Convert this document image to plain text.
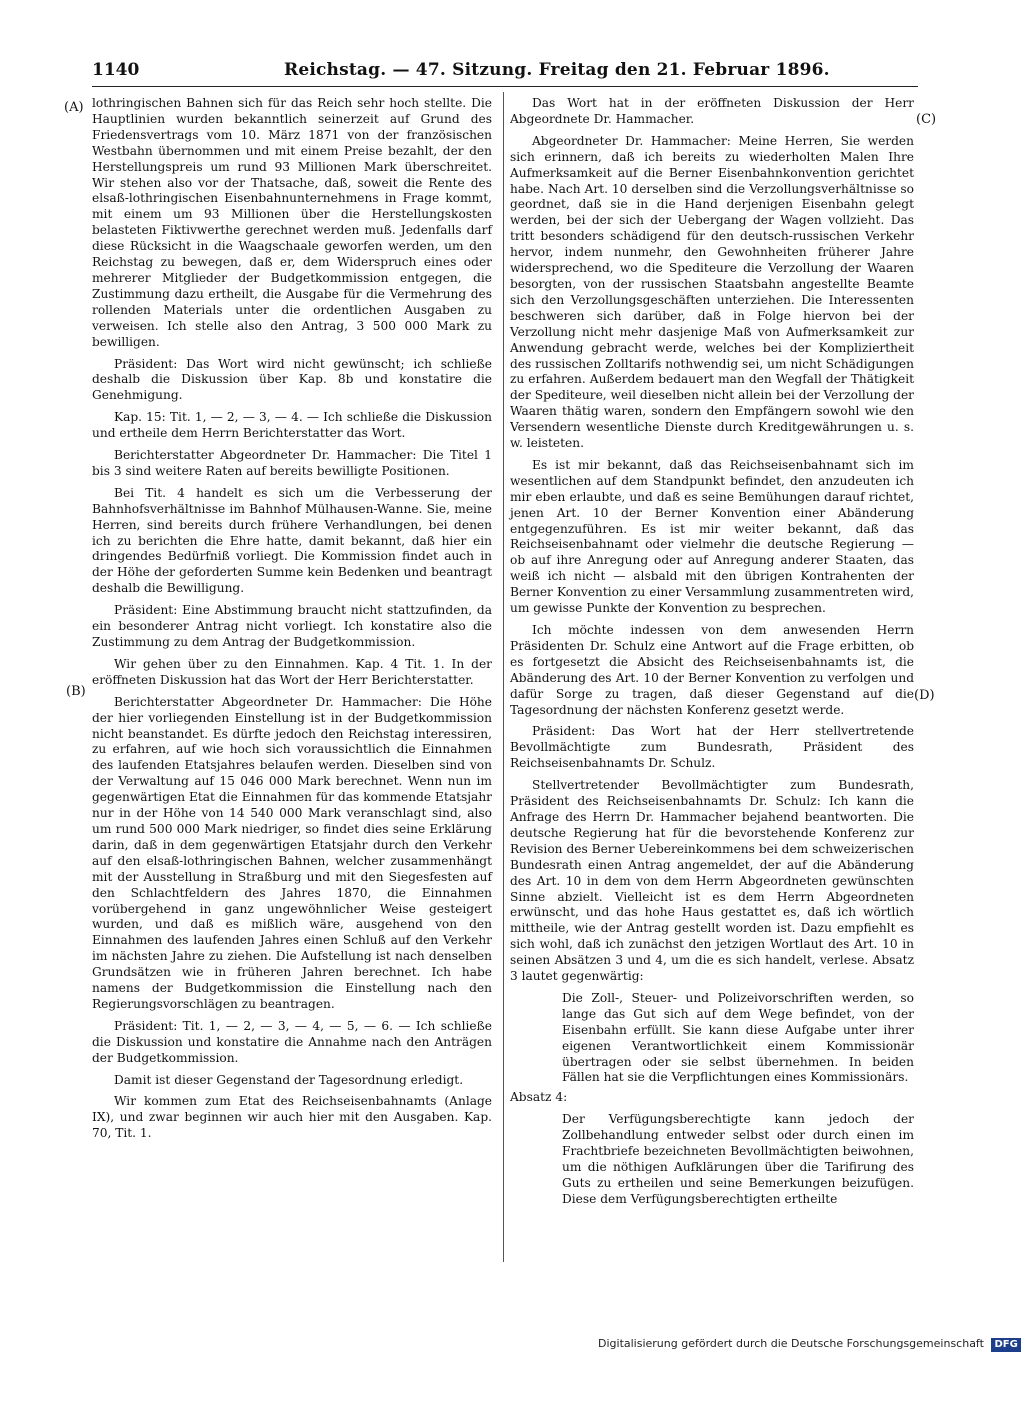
1140	Reichstag. — 47. Sitzung. Freitag den 21. Februar 1896.
(A)
(B)
(C)
(D)

lothringischen Bahnen sich für das Reich sehr hoch stellte. Die Hauptlinien wurden bekanntlich seinerzeit auf Grund des Friedensvertrags vom 10. März 1871 von der französischen Westbahn übernommen und mit einem Preise bezahlt, der den Herstellungspreis um rund 93 Millionen Mark überschreitet. Wir stehen also vor der Thatsache, daß, soweit die Rente des elsaß-lothringischen Eisenbahnunternehmens in Frage kommt, mit einem um 93 Millionen über die Herstellungskosten belasteten Fiktivwerthe gerechnet werden muß. Jedenfalls darf diese Rücksicht in die Waagschaale geworfen werden, um den Reichstag zu bewegen, daß er, dem Widerspruch eines oder mehrerer Mitglieder der Budgetkommission entgegen, die Zustimmung dazu ertheilt, die Ausgabe für die Vermehrung des rollenden Materials unter die ordentlichen Ausgaben zu verweisen. Ich stelle also den Antrag, 3 500 000 Mark zu bewilligen.

Präsident: Das Wort wird nicht gewünscht; ich schließe deshalb die Diskussion über Kap. 8b und konstatire die Genehmigung.

Kap. 15: Tit. 1, — 2, — 3, — 4. — Ich schließe die Diskussion und ertheile dem Herrn Berichterstatter das Wort.

Berichterstatter Abgeordneter Dr. Hammacher: Die Titel 1 bis 3 sind weitere Raten auf bereits bewilligte Positionen.

Bei Tit. 4 handelt es sich um die Verbesserung der Bahnhofsverhältnisse im Bahnhof Mülhausen-Wanne. Sie, meine Herren, sind bereits durch frühere Verhandlungen, bei denen ich zu berichten die Ehre hatte, damit bekannt, daß hier ein dringendes Bedürfniß vorliegt. Die Kommission findet auch in der Höhe der geforderten Summe kein Bedenken und beantragt deshalb die Bewilligung.

Präsident: Eine Abstimmung braucht nicht stattzufinden, da ein besonderer Antrag nicht vorliegt. Ich konstatire also die Zustimmung zu dem Antrag der Budgetkommission.

Wir gehen über zu den Einnahmen. Kap. 4 Tit. 1. In der eröffneten Diskussion hat das Wort der Herr Berichterstatter.

Berichterstatter Abgeordneter Dr. Hammacher: Die Höhe der hier vorliegenden Einstellung ist in der Budgetkommission nicht beanstandet. Es dürfte jedoch den Reichstag interessiren, zu erfahren, auf wie hoch sich voraussichtlich die Einnahmen des laufenden Etatsjahres belaufen werden. Dieselben sind von der Verwaltung auf 15 046 000 Mark berechnet. Wenn nun im gegenwärtigen Etat die Einnahmen für das kommende Etatsjahr nur in der Höhe von 14 540 000 Mark veranschlagt sind, also um rund 500 000 Mark niedriger, so findet dies seine Erklärung darin, daß in dem gegenwärtigen Etatsjahr durch den Verkehr auf den elsaß-lothringischen Bahnen, welcher zusammenhängt mit der Ausstellung in Straßburg und mit den Siegesfesten auf den Schlachtfeldern des Jahres 1870, die Einnahmen vorübergehend in ganz ungewöhnlicher Weise gesteigert wurden, und daß es mißlich wäre, ausgehend von den Einnahmen des laufenden Jahres einen Schluß auf den Verkehr im nächsten Jahre zu ziehen. Die Aufstellung ist nach denselben Grundsätzen wie in früheren Jahren berechnet. Ich habe namens der Budgetkommission die Einstellung nach den Regierungsvorschlägen zu beantragen.

Präsident: Tit. 1, — 2, — 3, — 4, — 5, — 6. — Ich schließe die Diskussion und konstatire die Annahme nach den Anträgen der Budgetkommission.

Damit ist dieser Gegenstand der Tagesordnung erledigt.

Wir kommen zum Etat des Reichseisenbahnamts (Anlage IX), und zwar beginnen wir auch hier mit den Ausgaben. Kap. 70, Tit. 1.

Das Wort hat in der eröffneten Diskussion der Herr Abgeordnete Dr. Hammacher.

Abgeordneter Dr. Hammacher: Meine Herren, Sie werden sich erinnern, daß ich bereits zu wiederholten Malen Ihre Aufmerksamkeit auf die Berner Eisenbahnkonvention gerichtet habe. Nach Art. 10 derselben sind die Verzollungsverhältnisse so geordnet, daß sie in die Hand derjenigen Eisenbahn gelegt werden, bei der sich der Uebergang der Wagen vollzieht. Das tritt besonders schädigend für den deutsch-russischen Verkehr hervor, indem nunmehr, den Gewohnheiten früherer Jahre widersprechend, wo die Spediteure die Verzollung der Waaren besorgten, von der russischen Staatsbahn angestellte Beamte sich den Verzollungsgeschäften unterziehen. Die Interessenten beschweren sich darüber, daß in Folge hiervon bei der Verzollung nicht mehr dasjenige Maß von Aufmerksamkeit zur Anwendung gebracht werde, welches bei der Kompliziertheit des russischen Zolltarifs nothwendig sei, um nicht Schädigungen zu erfahren. Außerdem bedauert man den Wegfall der Thätigkeit der Spediteure, weil dieselben nicht allein bei der Verzollung der Waaren thätig waren, sondern den Empfängern sowohl wie den Versendern wesentliche Dienste durch Kreditgewährungen u. s. w. leisteten.

Es ist mir bekannt, daß das Reichseisenbahnamt sich im wesentlichen auf dem Standpunkt befindet, den anzudeuten ich mir eben erlaubte, und daß es seine Bemühungen darauf richtet, jenen Art. 10 der Berner Konvention einer Abänderung entgegenzuführen. Es ist mir weiter bekannt, daß das Reichseisenbahnamt oder vielmehr die deutsche Regierung — ob auf ihre Anregung oder auf Anregung anderer Staaten, das weiß ich nicht — alsbald mit den übrigen Kontrahenten der Berner Konvention zu einer Versammlung zusammentreten wird, um gewisse Punkte der Konvention zu besprechen.

Ich möchte indessen von dem anwesenden Herrn Präsidenten Dr. Schulz eine Antwort auf die Frage erbitten, ob es fortgesetzt die Absicht des Reichseisenbahnamts ist, die Abänderung des Art. 10 der Berner Konvention zu verfolgen und dafür Sorge zu tragen, daß dieser Gegenstand auf die Tagesordnung der nächsten Konferenz gesetzt werde.

Präsident: Das Wort hat der Herr stellvertretende Bevollmächtigte zum Bundesrath, Präsident des Reichseisenbahnamts Dr. Schulz.

Stellvertretender Bevollmächtigter zum Bundesrath, Präsident des Reichseisenbahnamts Dr. Schulz: Ich kann die Anfrage des Herrn Dr. Hammacher bejahend beantworten. Die deutsche Regierung hat für die bevorstehende Konferenz zur Revision des Berner Uebereinkommens bei dem schweizerischen Bundesrath einen Antrag angemeldet, der auf die Abänderung des Art. 10 in dem von dem Herrn Abgeordneten gewünschten Sinne abzielt. Vielleicht ist es dem Herrn Abgeordneten erwünscht, und das hohe Haus gestattet es, daß ich wörtlich mittheile, wie der Antrag gestellt worden ist. Dazu empfiehlt es sich wohl, daß ich zunächst den jetzigen Wortlaut des Art. 10 in seinen Absätzen 3 und 4, um die es sich handelt, verlese. Absatz 3 lautet gegenwärtig:

Die Zoll-, Steuer- und Polizeivorschriften werden, so lange das Gut sich auf dem Wege befindet, von der Eisenbahn erfüllt. Sie kann diese Aufgabe unter ihrer eigenen Verantwortlichkeit einem Kommissionär übertragen oder sie selbst übernehmen. In beiden Fällen hat sie die Verpflichtungen eines Kommissionärs.

Absatz 4:

Der Verfügungsberechtigte kann jedoch der Zollbehandlung entweder selbst oder durch einen im Frachtbriefe bezeichneten Bevollmächtigten beiwohnen, um die nöthigen Aufklärungen über die Tarifirung des Guts zu ertheilen und seine Bemerkungen beizufügen. Diese dem Verfügungsberechtigten ertheilte

Digitalisierung gefördert durch die Deutsche Forschungsgemeinschaft DFG
